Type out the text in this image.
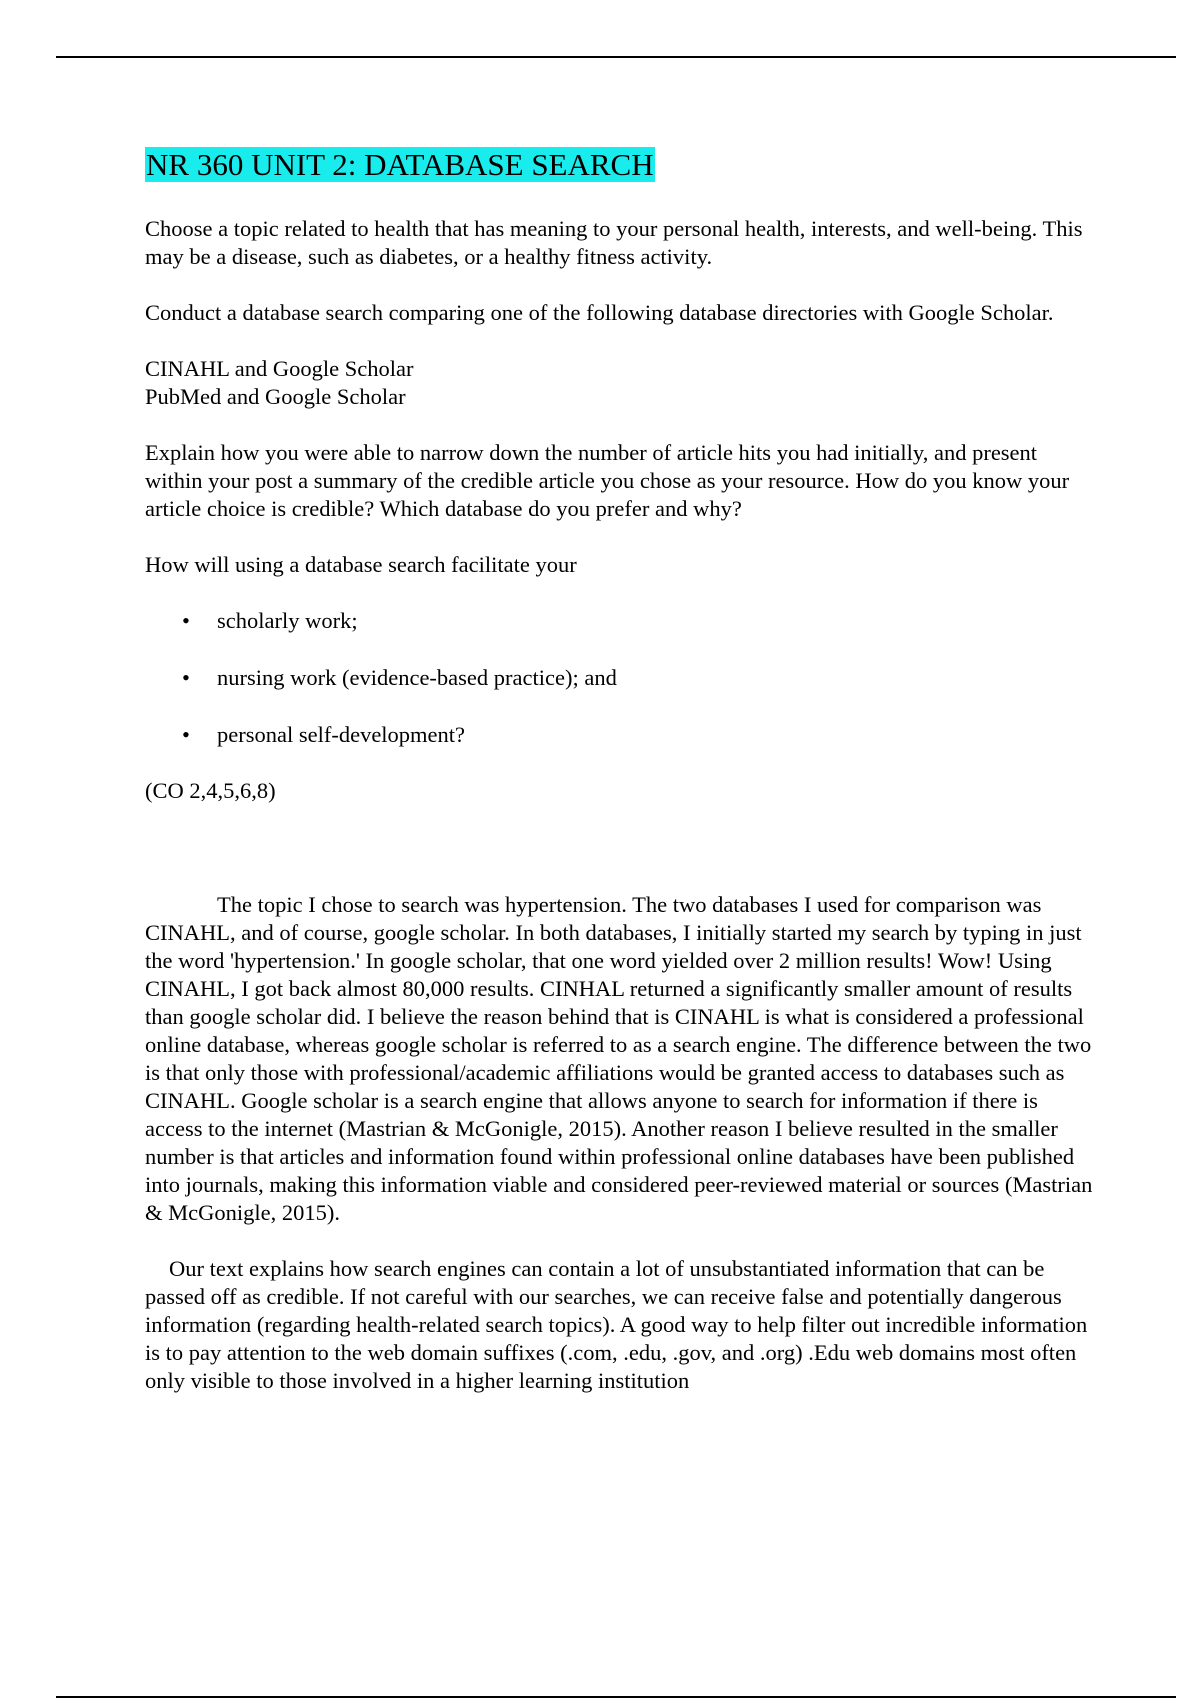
NR 360 UNIT 2: DATABASE SEARCH

Choose a topic related to health that has meaning to your personal health, interests, and well-being. This may be a disease, such as diabetes, or a healthy fitness activity.

Conduct a database search comparing one of the following database directories with Google Scholar.

CINAHL and Google Scholar
PubMed and Google Scholar

Explain how you were able to narrow down the number of article hits you had initially, and present within your post a summary of the credible article you chose as your resource. How do you know your article choice is credible? Which database do you prefer and why?

How will using a database search facilitate your

• scholarly work;
• nursing work (evidence-based practice); and
• personal self-development?

(CO 2,4,5,6,8)

The topic I chose to search was hypertension. The two databases I used for comparison was CINAHL, and of course, google scholar. In both databases, I initially started my search by typing in just the word 'hypertension.' In google scholar, that one word yielded over 2 million results! Wow! Using CINAHL, I got back almost 80,000 results. CINHAL returned a significantly smaller amount of results than google scholar did. I believe the reason behind that is CINAHL is what is considered a professional online database, whereas google scholar is referred to as a search engine. The difference between the two is that only those with professional/academic affiliations would be granted access to databases such as CINAHL. Google scholar is a search engine that allows anyone to search for information if there is access to the internet (Mastrian & McGonigle, 2015). Another reason I believe resulted in the smaller number is that articles and information found within professional online databases have been published into journals, making this information viable and considered peer-reviewed material or sources (Mastrian & McGonigle, 2015).

Our text explains how search engines can contain a lot of unsubstantiated information that can be passed off as credible. If not careful with our searches, we can receive false and potentially dangerous information (regarding health-related search topics). A good way to help filter out incredible information is to pay attention to the web domain suffixes (.com, .edu, .gov, and .org) .Edu web domains most often only visible to those involved in a higher learning institution
